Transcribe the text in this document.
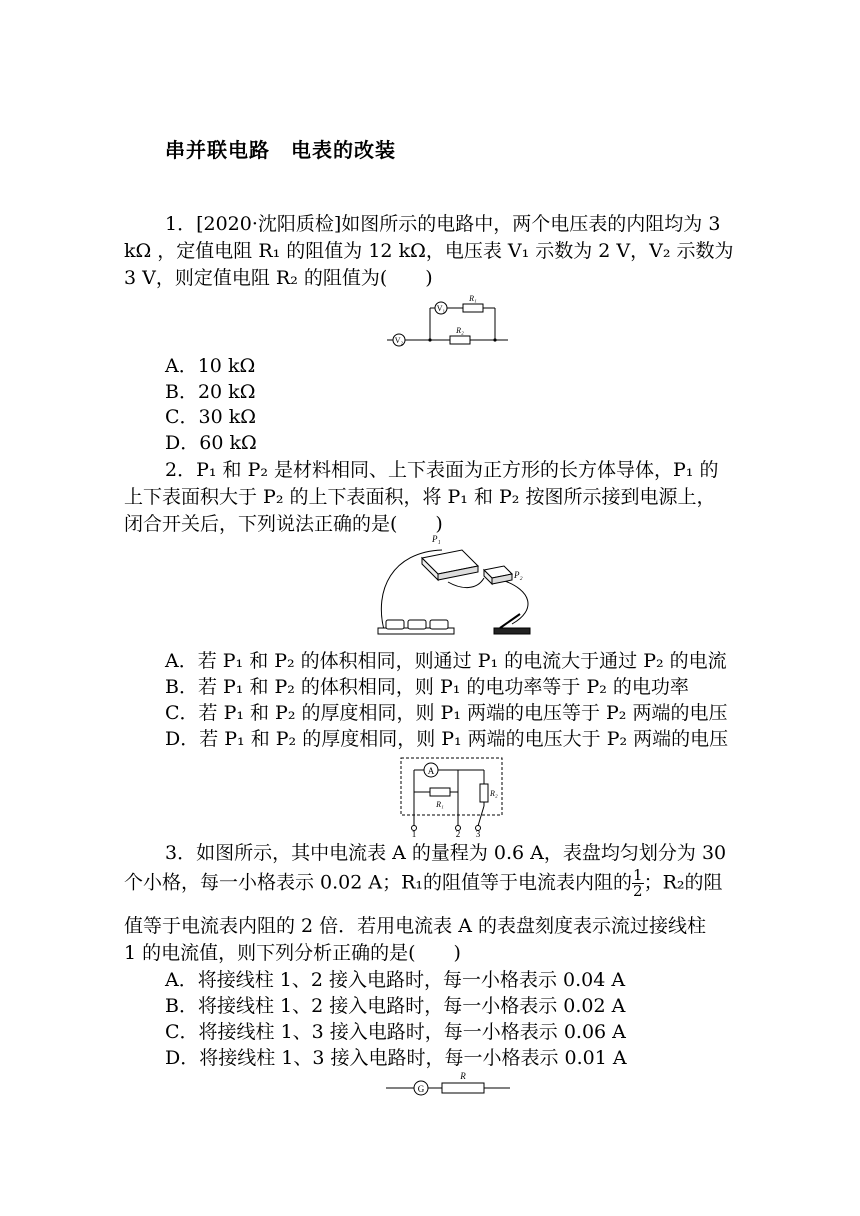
串并联电路　电表的改装
1．[2020·沈阳质检]如图所示的电路中，两个电压表的内阻均为 3
kΩ ，定值电阻 R₁ 的阻值为 12 kΩ，电压表 V₁ 示数为 2 V，V₂ 示数为
3 V，则定值电阻 R₂ 的阻值为(　　)
V₂
V₁
R₁
R₂
A．10 kΩ
B．20 kΩ
C．30 kΩ
D．60 kΩ
2．P₁ 和 P₂ 是材料相同、上下表面为正方形的长方体导体，P₁ 的
上下表面积大于 P₂ 的上下表面积，将 P₁ 和 P₂ 按图所示接到电源上，
闭合开关后，下列说法正确的是(　　)
P₁
P₂
A．若 P₁ 和 P₂ 的体积相同，则通过 P₁ 的电流大于通过 P₂ 的电流
B．若 P₁ 和 P₂ 的体积相同，则 P₁ 的电功率等于 P₂ 的电功率
C．若 P₁ 和 P₂ 的厚度相同，则 P₁ 两端的电压等于 P₂ 两端的电压
D．若 P₁ 和 P₂ 的厚度相同，则 P₁ 两端的电压大于 P₂ 两端的电压
A
R₁
R₂
1	2 3
3．如图所示，其中电流表 A 的量程为 0.6 A，表盘均匀划分为 30
个小格，每一小格表示 0.02 A；R₁的阻值等于电流表内阻的 $\frac{1}{2}$ ；R₂的阻
值等于电流表内阻的 2 倍．若用电流表 A 的表盘刻度表示流过接线柱
1 的电流值，则下列分析正确的是(　　)
A．将接线柱 1、2 接入电路时，每一小格表示 0.04 A
B．将接线柱 1、2 接入电路时，每一小格表示 0.02 A
C．将接线柱 1、3 接入电路时，每一小格表示 0.06 A
D．将接线柱 1、3 接入电路时，每一小格表示 0.01 A
G
R
